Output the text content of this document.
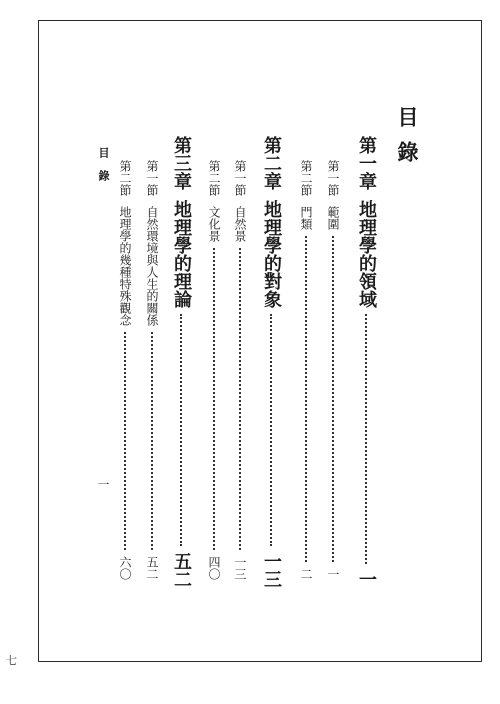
目錄
第一章
地理學的領域
一
第一節
範圍
一
第二節
門類
二
第二章
地理學的對象
一三
第一節
自然景
一三
第二節
文化景
四〇
第三章
地理學的理論
五二
第一節
自然環境與人生的關係
五二
第二節
地理學的幾種特殊觀念
六〇
目錄
一
七
